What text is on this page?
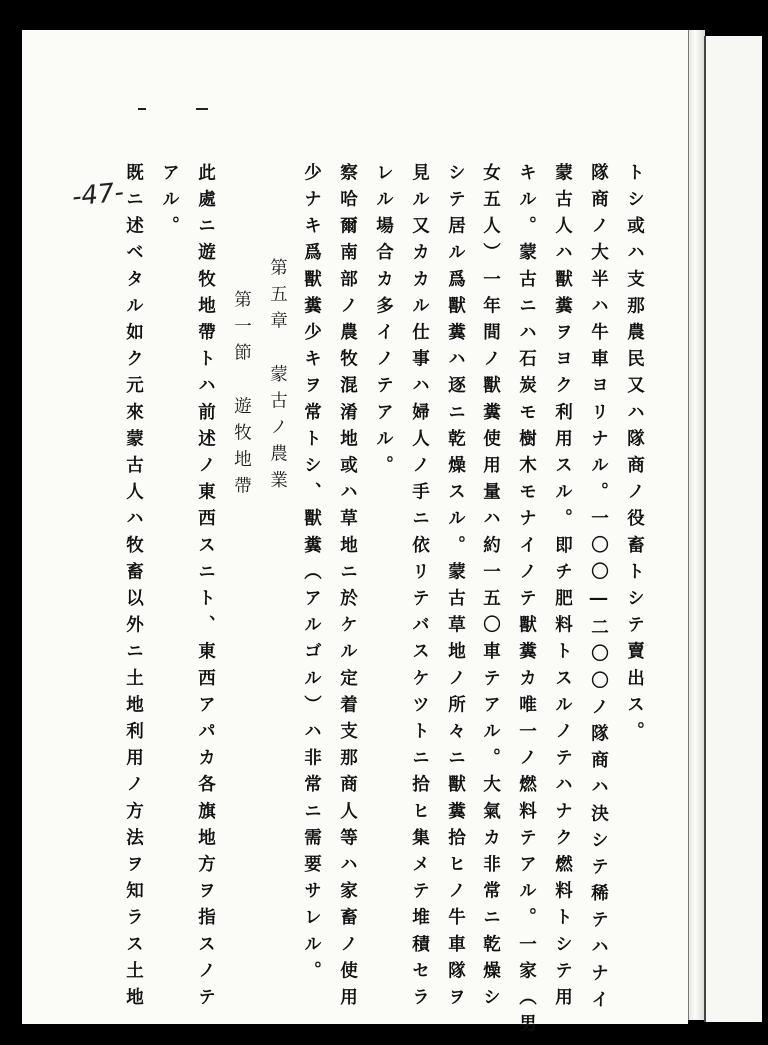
-47-	トシ或ハ支那農民又ハ隊商ノ役畜トシテ賣出ス。
隊商ノ大半ハ牛車ヨリナル。一〇〇―二〇〇ノ隊商ハ決シテ稀テハナイ
蒙古人ハ獸糞ヲヨク利用スル。即チ肥料トスルノテハナク燃料トシテ用
キル。蒙古ニハ石炭モ樹木モナイノテ獸糞カ唯一ノ燃料テアル。一家（男
女五人）一年間ノ獸糞使用量ハ約一五〇車テアル。大氣カ非常ニ乾燥シ
シテ居ル爲獸糞ハ逐ニ乾燥スル。蒙古草地ノ所々ニ獸糞拾ヒノ牛車隊ヲ
見ル又カカル仕事ハ婦人ノ手ニ依リテバスケツトニ拾ヒ集メテ堆積セラ
レル場合カ多イノテアル。
察哈爾南部ノ農牧混淆地或ハ草地ニ於ケル定着支那商人等ハ家畜ノ使用
少ナキ爲獸糞少キヲ常トシ、獸糞（アルゴル）ハ非常ニ需要サレル。
第五章　蒙古ノ農業
第一節　遊牧地帶
此處ニ遊牧地帶トハ前述ノ東西スニト、東西アパカ各旗地方ヲ指スノテ
アル。
既ニ述ベタル如ク元來蒙古人ハ牧畜以外ニ土地利用ノ方法ヲ知ラス土地
